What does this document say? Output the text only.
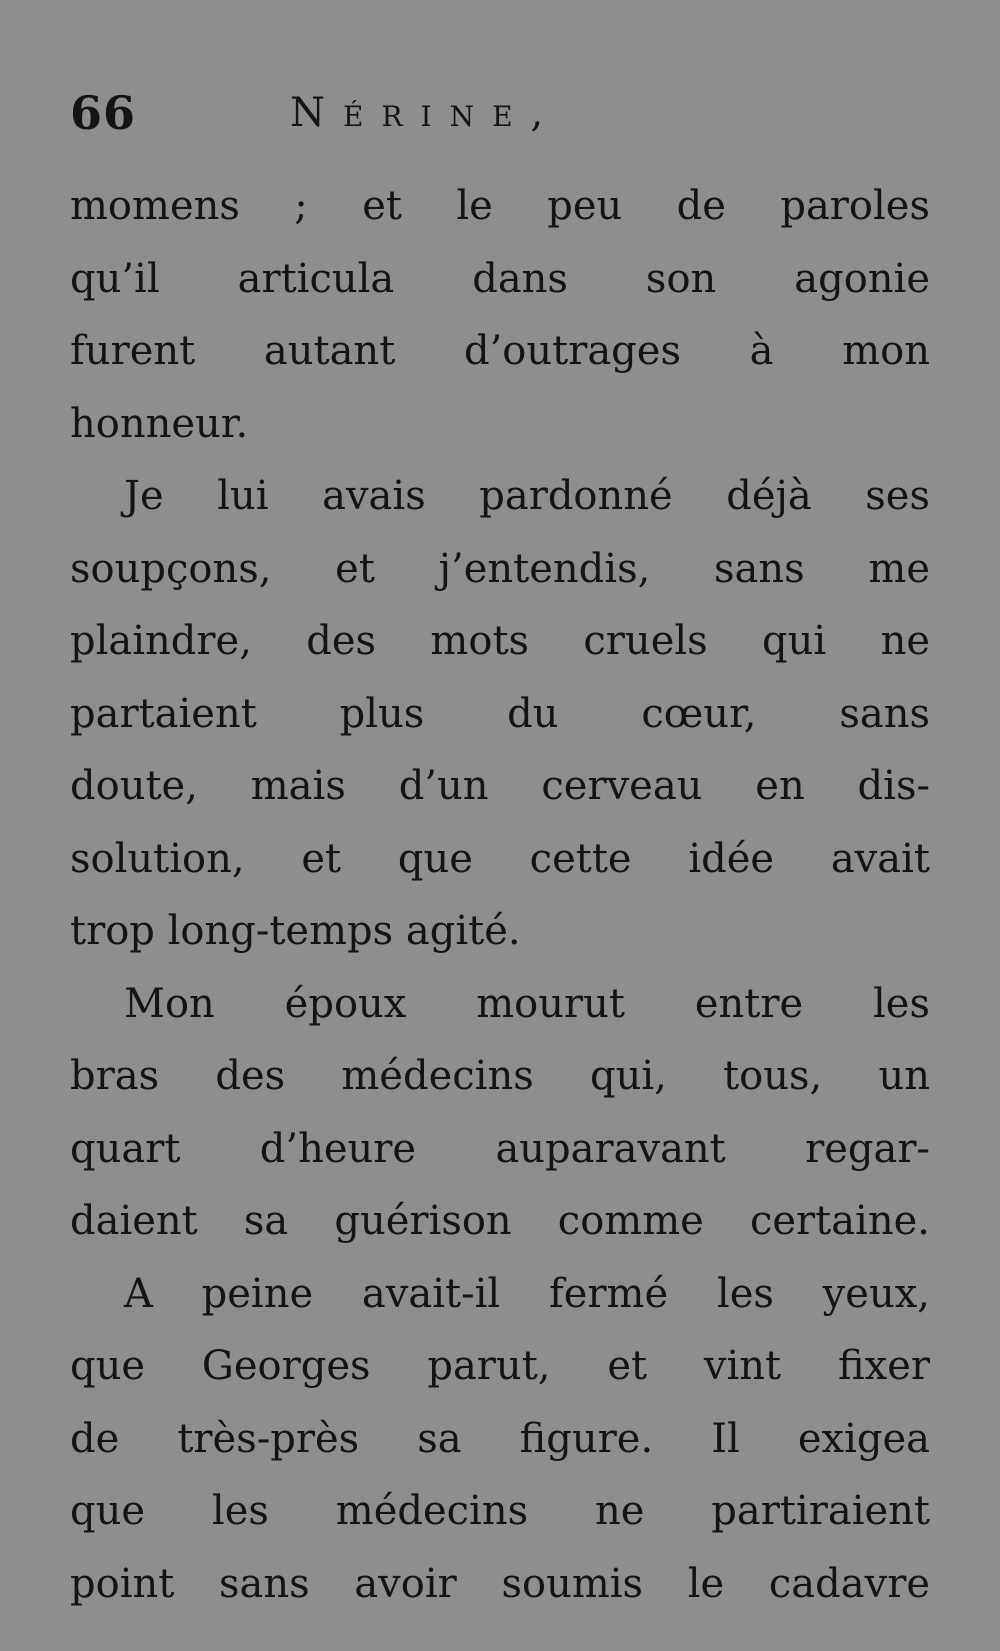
66	Nérine,
momens ; et le peu de paroles
qu’il articula dans son agonie
furent autant d’outrages à mon
honneur.
Je lui avais pardonné déjà ses
soupçons, et j’entendis, sans me
plaindre, des mots cruels qui ne
partaient plus du cœur, sans
doute, mais d’un cerveau en dis-
solution, et que cette idée avait
trop long-temps agité.
Mon époux mourut entre les
bras des médecins qui, tous, un
quart d’heure auparavant regar-
daient sa guérison comme certaine.
A peine avait-il fermé les yeux,
que Georges parut, et vint fixer
de très-près sa figure. Il exigea
que les médecins ne partiraient
point sans avoir soumis le cadavre
